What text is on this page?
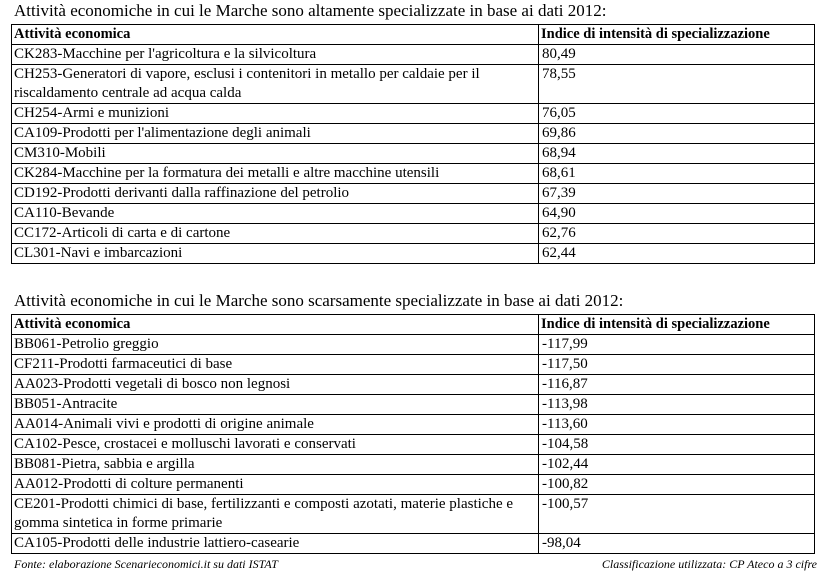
Attività economiche in cui le Marche sono altamente specializzate in base ai dati 2012:
Attività economica	Indice di intensità di specializzazione
CK283-Macchine per l'agricoltura e la silvicoltura	80,49
CH253-Generatori di vapore, esclusi i contenitori in metallo per caldaie per il riscaldamento centrale ad acqua calda	78,55
CH254-Armi e munizioni	76,05
CA109-Prodotti per l'alimentazione degli animali	69,86
CM310-Mobili	68,94
CK284-Macchine per la formatura dei metalli e altre macchine utensili	68,61
CD192-Prodotti derivanti dalla raffinazione del petrolio	67,39
CA110-Bevande	64,90
CC172-Articoli di carta e di cartone	62,76
CL301-Navi e imbarcazioni	62,44
Attività economiche in cui le Marche sono scarsamente specializzate in base ai dati 2012:
Attività economica	Indice di intensità di specializzazione
BB061-Petrolio greggio	-117,99
CF211-Prodotti farmaceutici di base	-117,50
AA023-Prodotti vegetali di bosco non legnosi	-116,87
BB051-Antracite	-113,98
AA014-Animali vivi e prodotti di origine animale	-113,60
CA102-Pesce, crostacei e molluschi lavorati e conservati	-104,58
BB081-Pietra, sabbia e argilla	-102,44
AA012-Prodotti di colture permanenti	-100,82
CE201-Prodotti chimici di base, fertilizzanti e composti azotati, materie plastiche e gomma sintetica in forme primarie	-100,57
CA105-Prodotti delle industrie lattiero-casearie	-98,04
Fonte: elaborazione Scenarieconomici.it su dati ISTAT	Classificazione utilizzata: CP Ateco a 3 cifre
